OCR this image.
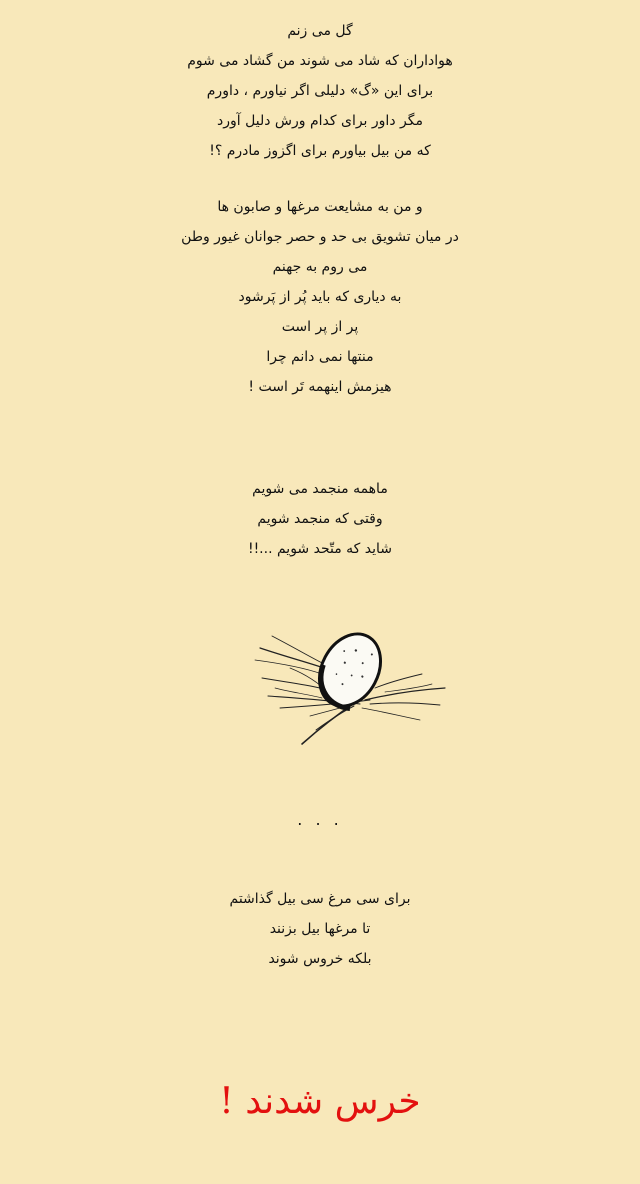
گل می زنم
هواداران که شاد می شوند من گشاد می شوم
برای این «گ» دلیلی اگر نیاورم ، داورم
مگر داور برای کدام ورش دلیل آورد
که من بیل بیاورم برای اگزوز مادرم ؟!
و من به مشایعت مرغها و صابون ها
در میان تشویق بی حد و حصر جوانان غیور وطن
می روم به جهنم
به دیاری که باید پُر از پَرشود
پر از پر است
منتها نمی دانم چرا
هیزمش اینهمه تَر است !
ماهمه منجمد می شویم
وقتی که منجمد شویم
شاید که متّحد شویم ...!!
. . .
برای سی مرغ سی بیل گذاشتم
تا مرغها بیل بزنند
بلکه خروس شوند
خرس شدند !
